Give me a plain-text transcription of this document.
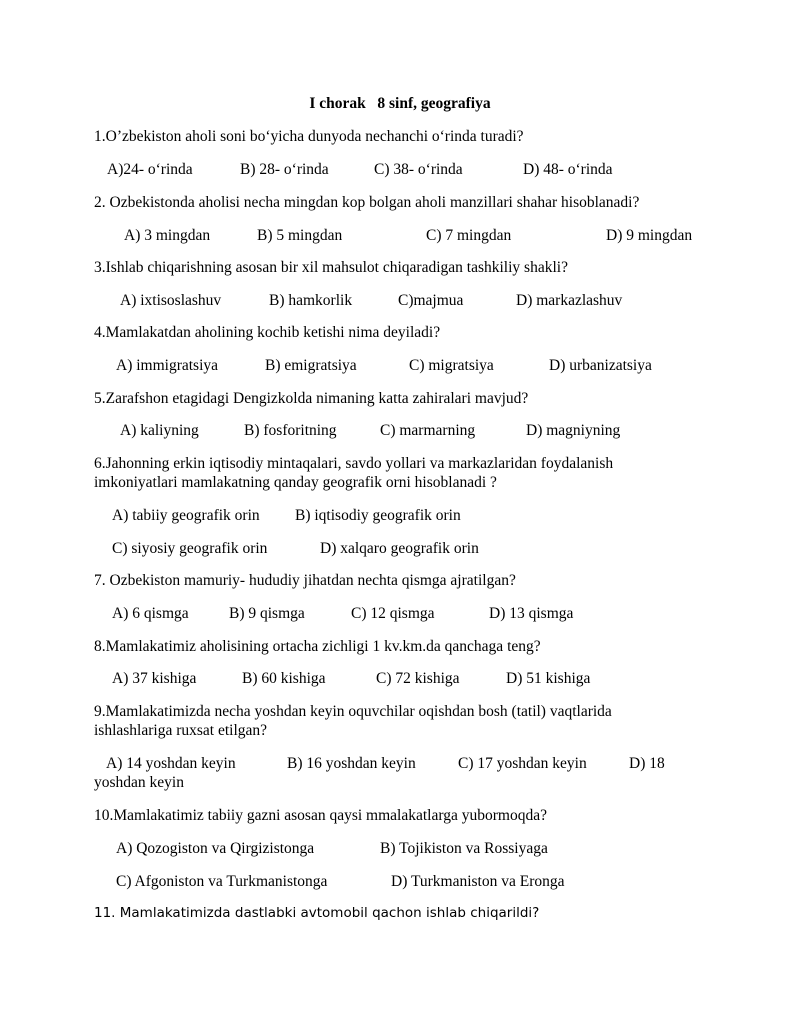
I chorak   8 sinf, geografiya
1.O’zbekiston aholi soni bo‘yicha dunyoda nechanchi o‘rinda turadi?
A)24- o‘rinda	B) 28- o‘rinda	C) 38- o‘rinda	D) 48- o‘rinda
2. Ozbekistonda aholisi necha mingdan kop bolgan aholi manzillari shahar hisoblanadi?
A) 3 mingdan	B) 5 mingdan	C) 7 mingdan	D) 9 mingdan
3.Ishlab chiqarishning asosan bir xil mahsulot chiqaradigan tashkiliy shakli?
A) ixtisoslashuv	B) hamkorlik	C)majmua	D) markazlashuv
4.Mamlakatdan aholining kochib ketishi nima deyiladi?
A) immigratsiya	B) emigratsiya	C) migratsiya	D) urbanizatsiya
5.Zarafshon etagidagi Dengizkolda nimaning katta zahiralari mavjud?
A) kaliyning	B) fosforitning	C) marmarning	D) magniyning
6.Jahonning erkin iqtisodiy mintaqalari, savdo yollari va markazlaridan foydalanish imkoniyatlari mamlakatning qanday geografik orni hisoblanadi ?
A) tabiiy geografik orin B) iqtisodiy geografik orin
C) siyosiy geografik orin	D) xalqaro geografik orin
7. Ozbekiston mamuriy- hududiy jihatdan nechta qismga ajratilgan?
A) 6 qismga	B) 9 qismga	C) 12 qismga	D) 13 qismga
8.Mamlakatimiz aholisining ortacha zichligi 1 kv.km.da qanchaga teng?
A) 37 kishiga	B) 60 kishiga	C) 72 kishiga	D) 51 kishiga
9.Mamlakatimizda necha yoshdan keyin oquvchilar oqishdan bosh (tatil) vaqtlarida ishlashlariga ruxsat etilgan?
A) 14 yoshdan keyin	B) 16 yoshdan keyin	C) 17 yoshdan keyin	D) 18 yoshdan keyin
10.Mamlakatimiz tabiiy gazni asosan qaysi mmalakatlarga yubormoqda?
A) Qozogiston va Qirgizistonga	B) Tojikiston va Rossiyaga
C) Afgoniston va Turkmanistonga	D) Turkmaniston va Eronga
11. Mamlakatimizda dastlabki avtomobil qachon ishlab chiqarildi?
